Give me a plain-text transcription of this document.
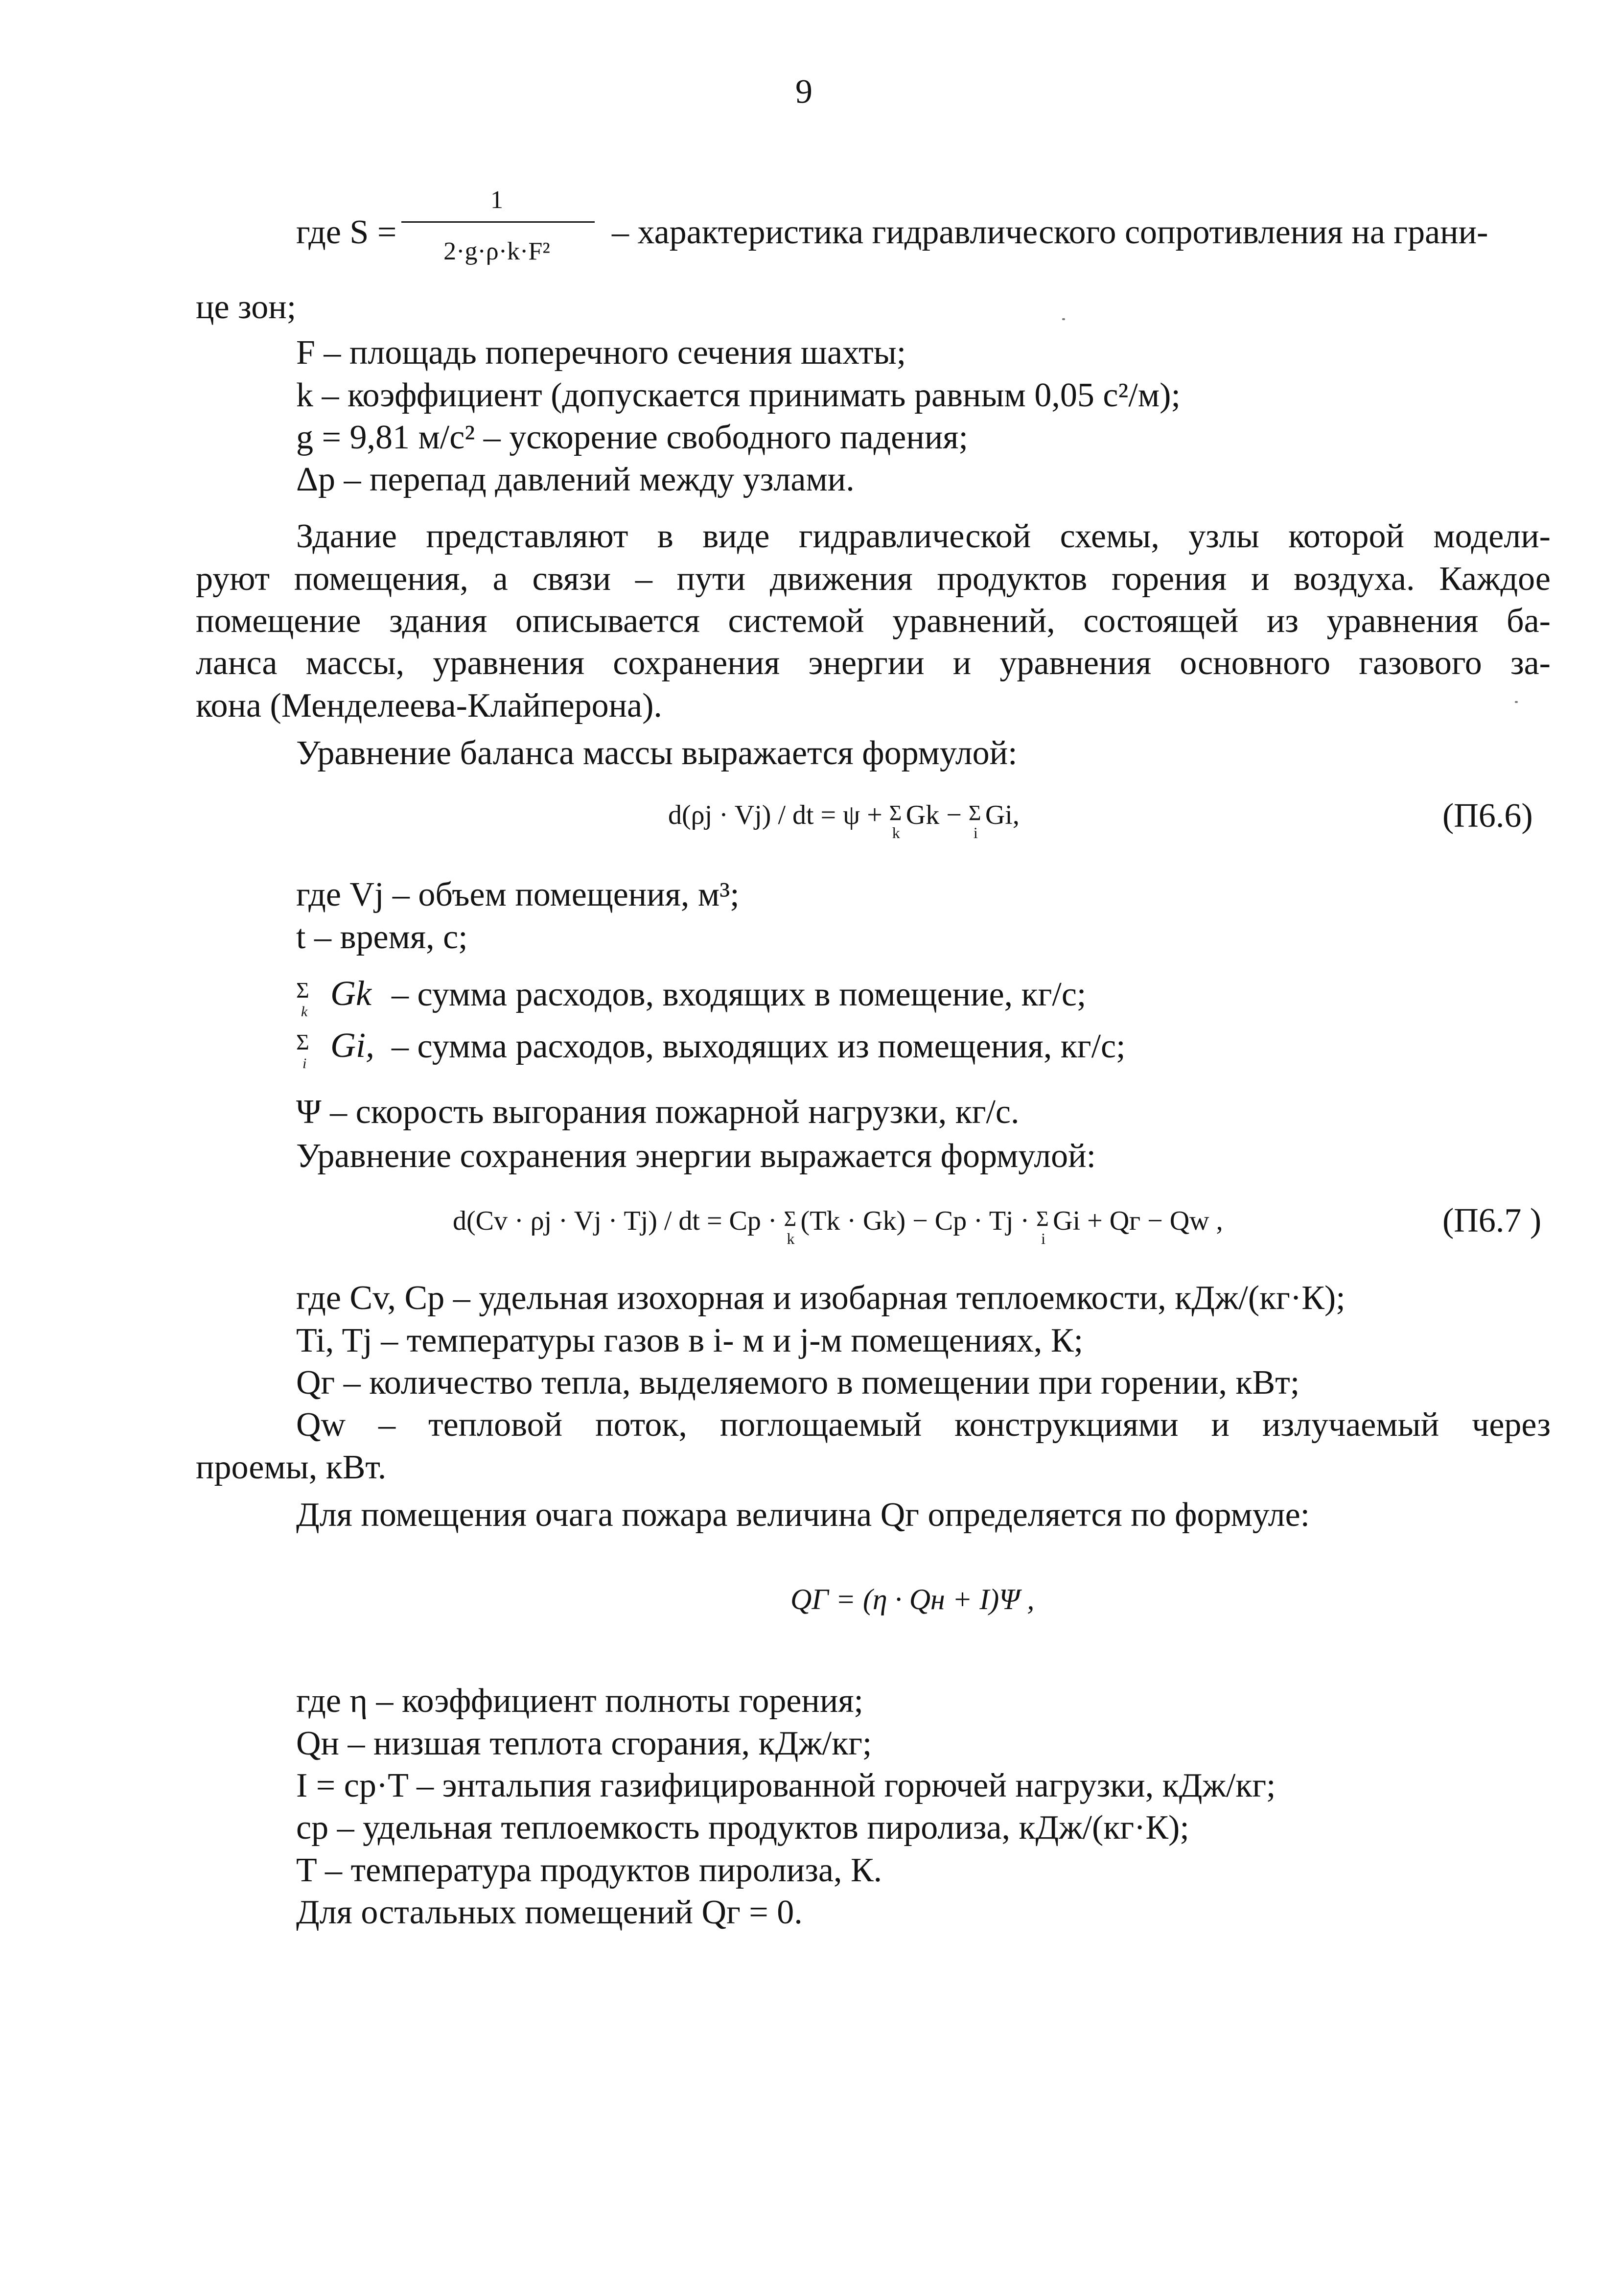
9
где S =
1
2·g·ρ·k·F²
– характеристика гидравлического сопротивления на грани-
це зон;
F – площадь поперечного сечения шахты;
k – коэффициент (допускается принимать равным 0,05 с²/м);
g = 9,81 м/с² – ускорение свободного падения;
Δp – перепад давлений между узлами.
Здание представляют в виде гидравлической схемы, узлы которой модели-
руют помещения, а связи – пути движения продуктов горения и воздуха. Каждое
помещение здания описывается системой уравнений, состоящей из уравнения ба-
ланса массы, уравнения сохранения энергии и уравнения основного газового за-
кона (Менделеева-Клайперона).
Уравнение баланса массы выражается формулой:
d(ρj · Vj) / dt = ψ + Σ
k
Gk − Σ
i
Gi,	(П6.6)
где Vj – объем помещения, м³;
t – время, с;
Σ
k Gk – сумма расходов, входящих в помещение, кг/с;
Σ
i Gi, – сумма расходов, выходящих из помещения, кг/с;
Ψ – скорость выгорания пожарной нагрузки, кг/с.
Уравнение сохранения энергии выражается формулой:
d(Cv · ρj · Vj · Tj) / dt = Cp · Σ
k
(Tk · Gk) − Cp · Tj · Σ
i
Gi + Qг − Qw ,	(П6.7 )
где Cv, Cp – удельная изохорная и изобарная теплоемкости, кДж/(кг·К);
Ti, Tj – температуры газов в i- м и j-м помещениях, К;
Qг – количество тепла, выделяемого в помещении при горении, кВт;
Qw – тепловой поток, поглощаемый конструкциями и излучаемый через
проемы, кВт.
Для помещения очага пожара величина Qг определяется по формуле:
QГ = (η · Qн + I)Ψ ,
где η – коэффициент полноты горения;
Qн – низшая теплота сгорания, кДж/кг;
I = cp·T – энтальпия газифицированной горючей нагрузки, кДж/кг;
cp – удельная теплоемкость продуктов пиролиза, кДж/(кг·К);
T – температура продуктов пиролиза, К.
Для остальных помещений Qг = 0.
